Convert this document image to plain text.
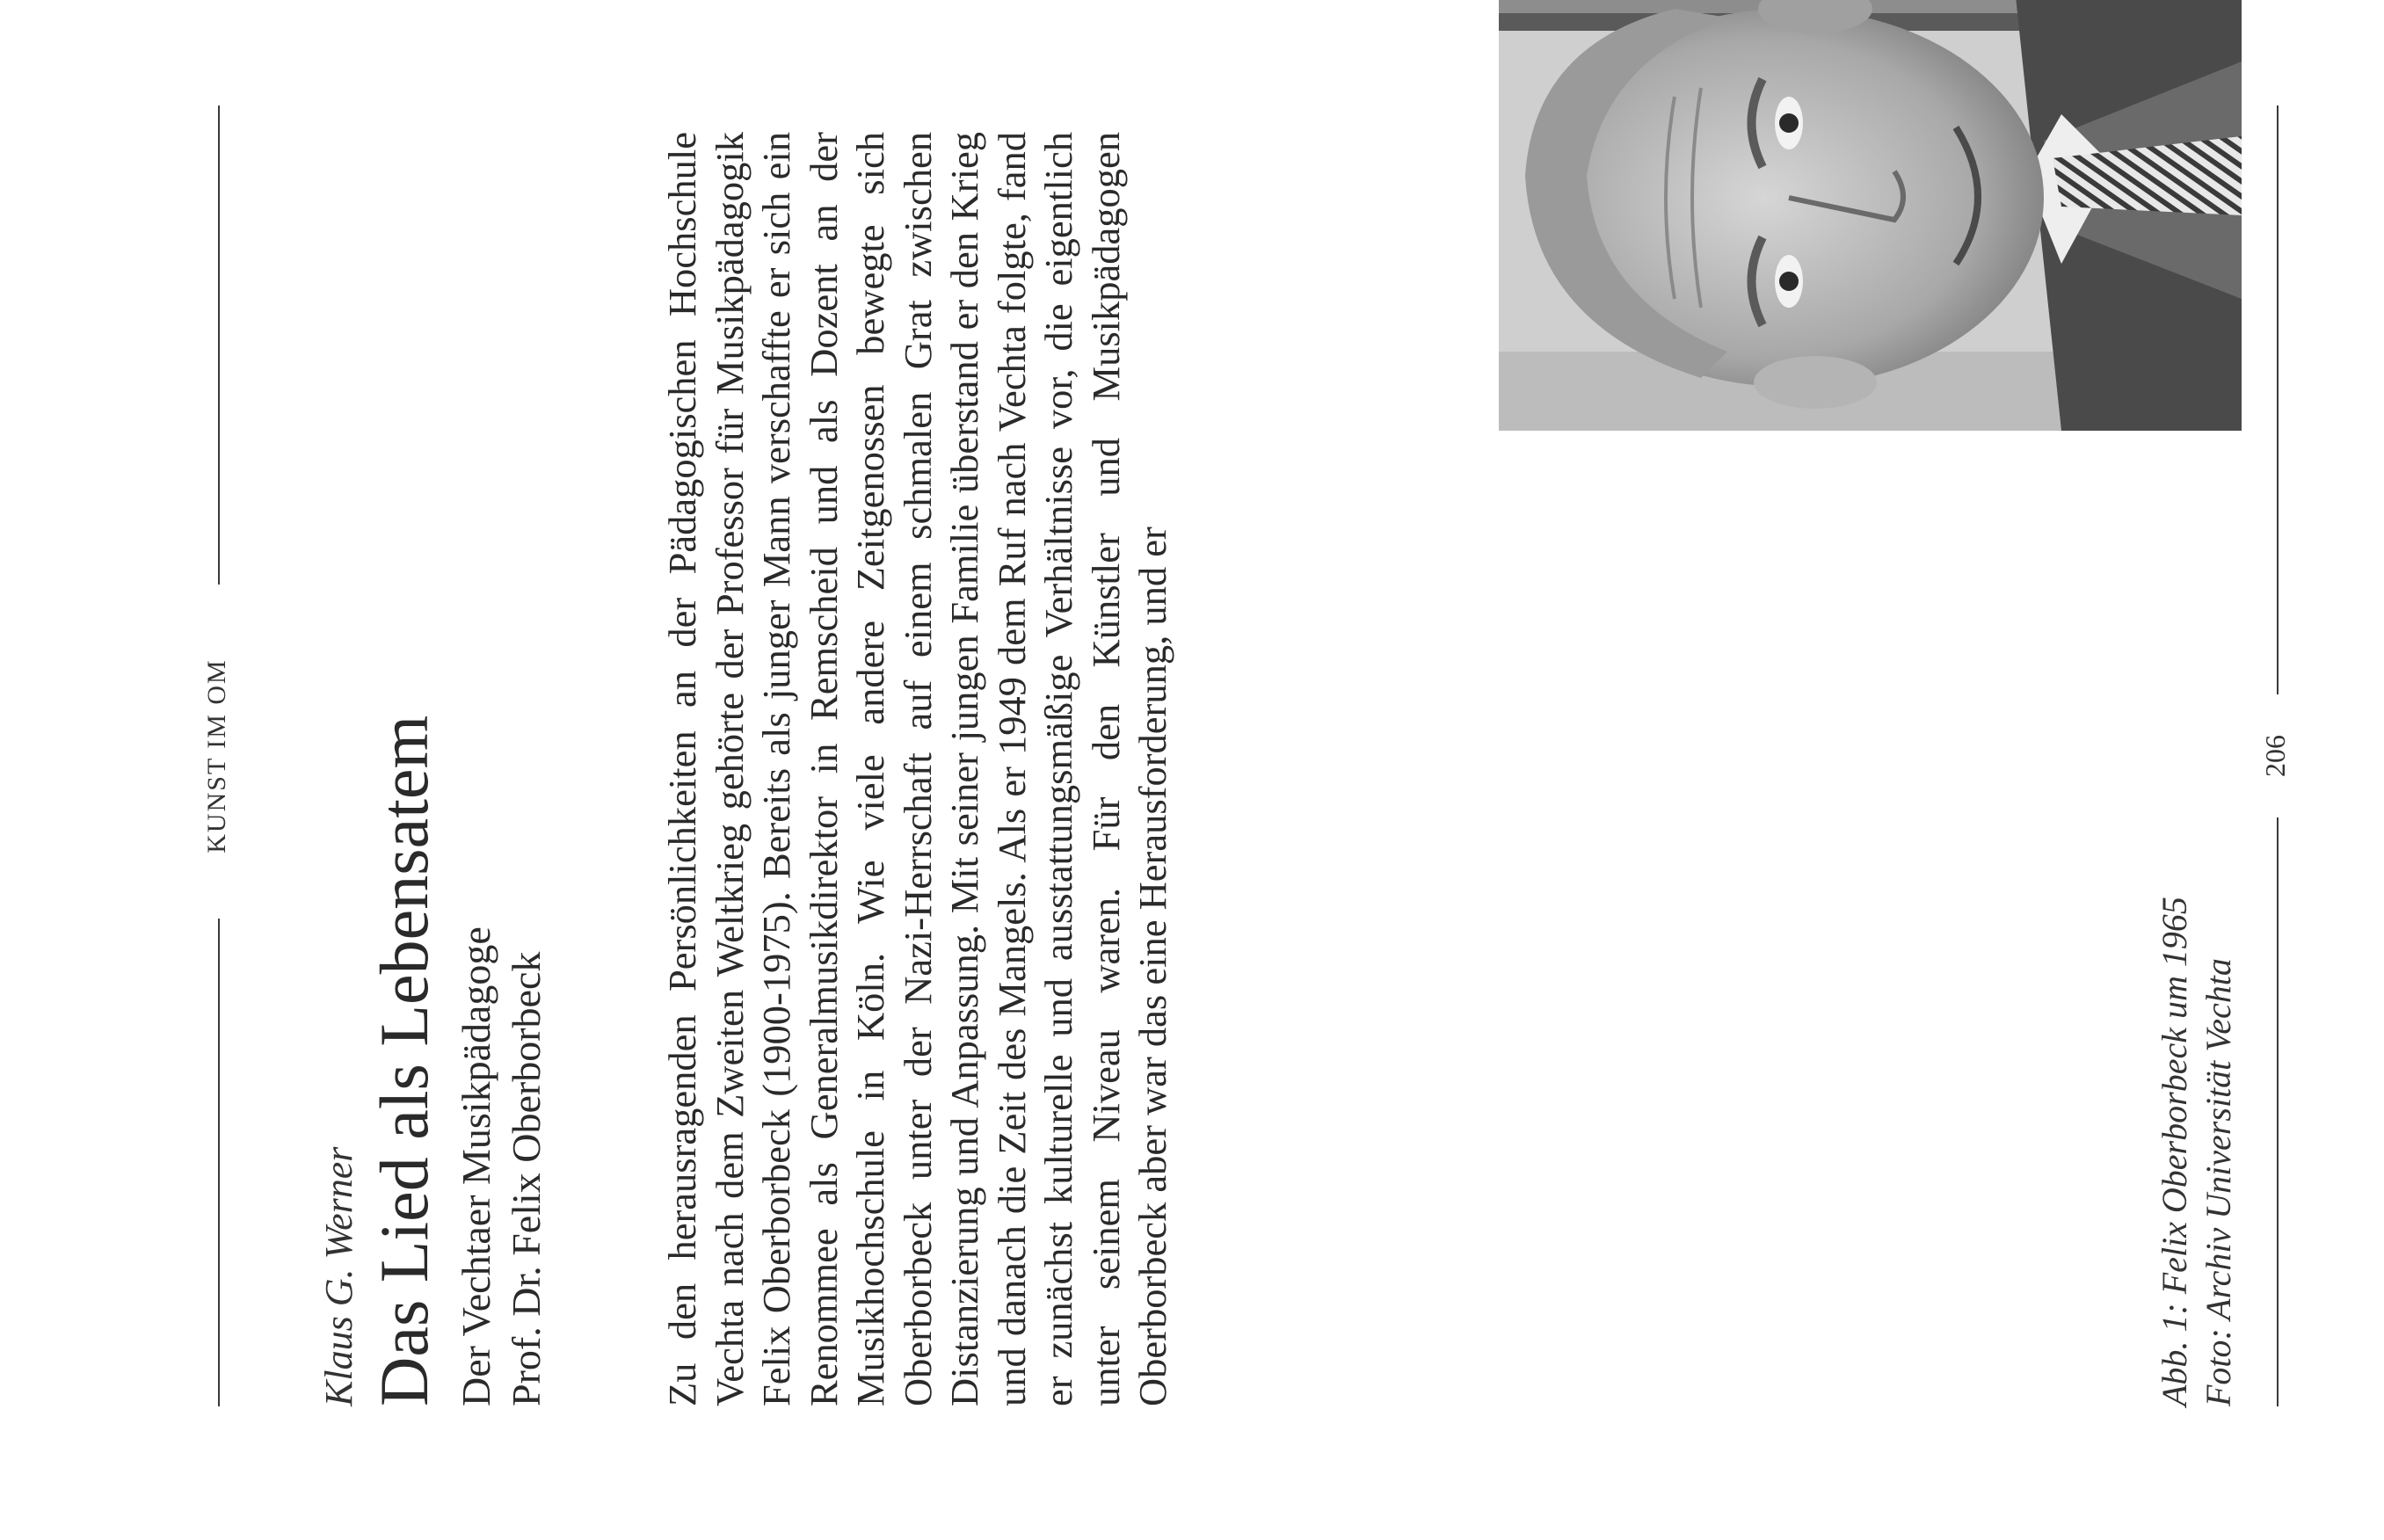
KUNST IM OM
Klaus G. Werner Das Lied als Lebensatem Der Vechtaer Musikpädagoge Prof. Dr. Felix Oberborbeck	Zu den herausragenden Persönlichkeiten an der Pädagogischen Hochschule Vechta nach dem Zweiten Weltkrieg gehörte der Professor für Musikpädagogik Felix Oberborbeck (1900-1975). Bereits als junger Mann verschaffte er sich ein Renommee als Generalmusikdirektor in Remscheid und als Dozent an der Musikhochschule in Köln. Wie viele andere Zeitgenossen bewegte sich Oberborbeck unter der Nazi-Herrschaft auf einem schmalen Grat zwischen Distanzierung und Anpassung. Mit seiner jungen Familie überstand er den Krieg und danach die Zeit des Mangels. Als er 1949 dem Ruf nach Vechta folgte, fand er zunächst kulturelle und ausstattungsmäßige Verhältnisse vor, die eigentlich unter seinem Niveau waren. Für den Künstler und Musikpädagogen Oberborbeck aber war das eine Herausforderung, und er	Abb. 1: Felix Oberborbeck um 1965 Foto: Archiv Universität Vechta
206
